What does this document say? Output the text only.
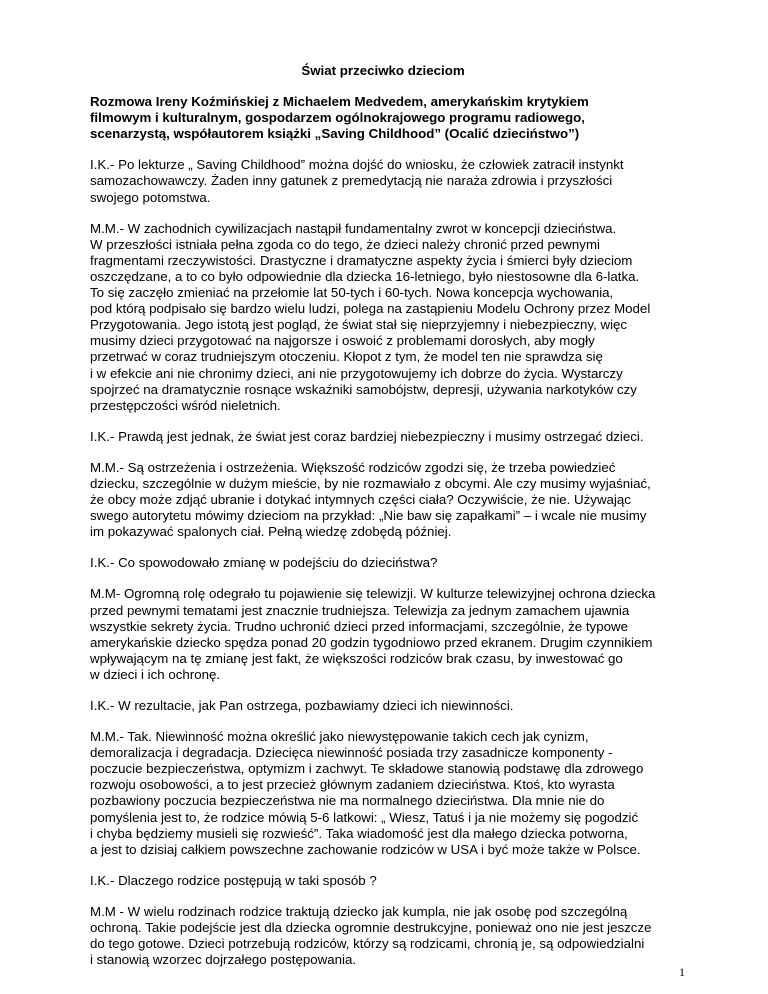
Świat przeciwko dzieciom
Rozmowa Ireny Koźmińskiej z Michaelem Medvedem, amerykańskim krytykiem
filmowym i kulturalnym, gospodarzem ogólnokrajowego programu radiowego,
scenarzystą, współautorem książki „Saving Childhood” (Ocalić dzieciństwo”)
I.K.- Po lekturze „ Saving Childhood” można dojść do wniosku, że człowiek zatracił instynkt
samozachowawczy. Żaden inny gatunek z premedytacją nie naraża zdrowia i przyszłości
swojego potomstwa.
M.M.- W zachodnich cywilizacjach nastąpił fundamentalny zwrot w koncepcji dzieciństwa.
W przeszłości istniała pełna zgoda co do tego, że dzieci należy chronić przed pewnymi
fragmentami rzeczywistości. Drastyczne i dramatyczne aspekty życia i śmierci były dzieciom
oszczędzane, a to co było odpowiednie dla dziecka 16-letniego, było niestosowne dla 6-latka.
To się zaczęło zmieniać na przełomie lat 50-tych i 60-tych. Nowa koncepcja wychowania,
pod którą podpisało się bardzo wielu ludzi, polega na zastąpieniu Modelu Ochrony przez Model
Przygotowania. Jego istotą jest pogląd, że świat stał się nieprzyjemny i niebezpieczny, więc
musimy dzieci przygotować na najgorsze i oswoić z problemami dorosłych, aby mogły
przetrwać w coraz trudniejszym otoczeniu. Kłopot z tym, że model ten nie sprawdza się
i w efekcie ani nie chronimy dzieci, ani nie przygotowujemy ich dobrze do życia. Wystarczy
spojrzeć na dramatycznie rosnące wskaźniki samobójstw, depresji, używania narkotyków czy
przestępczości wśród nieletnich.
I.K.- Prawdą jest jednak, że świat jest coraz bardziej niebezpieczny i musimy ostrzegać dzieci.
M.M.- Są ostrzeżenia i ostrzeżenia. Większość rodziców zgodzi się, że trzeba powiedzieć
dziecku, szczególnie w dużym mieście, by nie rozmawiało z obcymi. Ale czy musimy wyjaśniać,
że obcy może zdjąć ubranie i dotykać intymnych części ciała? Oczywiście, że nie. Używając
swego autorytetu mówimy dzieciom na przykład: „Nie baw się zapałkami” – i wcale nie musimy
im pokazywać spalonych ciał. Pełną wiedzę zdobędą później.
I.K.- Co spowodowało zmianę w podejściu do dzieciństwa?
M.M- Ogromną rolę odegrało tu pojawienie się telewizji. W kulturze telewizyjnej ochrona dziecka
przed pewnymi tematami jest znacznie trudniejsza. Telewizja za jednym zamachem ujawnia
wszystkie sekrety życia. Trudno uchronić dzieci przed informacjami, szczególnie, że typowe
amerykańskie dziecko spędza ponad 20 godzin tygodniowo przed ekranem. Drugim czynnikiem
wpływającym na tę zmianę jest fakt, że większości rodziców brak czasu, by inwestować go
w dzieci i ich ochronę.
I.K.- W rezultacie, jak Pan ostrzega, pozbawiamy dzieci ich niewinności.
M.M.- Tak. Niewinność można określić jako niewystępowanie takich cech jak cynizm,
demoralizacja i degradacja. Dziecięca niewinność posiada trzy zasadnicze komponenty -
poczucie bezpieczeństwa, optymizm i zachwyt. Te składowe stanowią podstawę dla zdrowego
rozwoju osobowości, a to jest przecież głównym zadaniem dzieciństwa. Ktoś, kto wyrasta
pozbawiony poczucia bezpieczeństwa nie ma normalnego dzieciństwa. Dla mnie nie do
pomyślenia jest to, że rodzice mówią 5-6 latkowi: „ Wiesz, Tatuś i ja nie możemy się pogodzić
i chyba będziemy musieli się rozwieść”. Taka wiadomość jest dla małego dziecka potworna,
a jest to dzisiaj całkiem powszechne zachowanie rodziców w USA i być może także w Polsce.
I.K.- Dlaczego rodzice postępują w taki sposób ?
M.M - W wielu rodzinach rodzice traktują dziecko jak kumpla, nie jak osobę pod szczególną
ochroną. Takie podejście jest dla dziecka ogromnie destrukcyjne, ponieważ ono nie jest jeszcze
do tego gotowe. Dzieci potrzebują rodziców, którzy są rodzicami, chronią je, są odpowiedzialni
i stanowią wzorzec dojrzałego postępowania.
1
